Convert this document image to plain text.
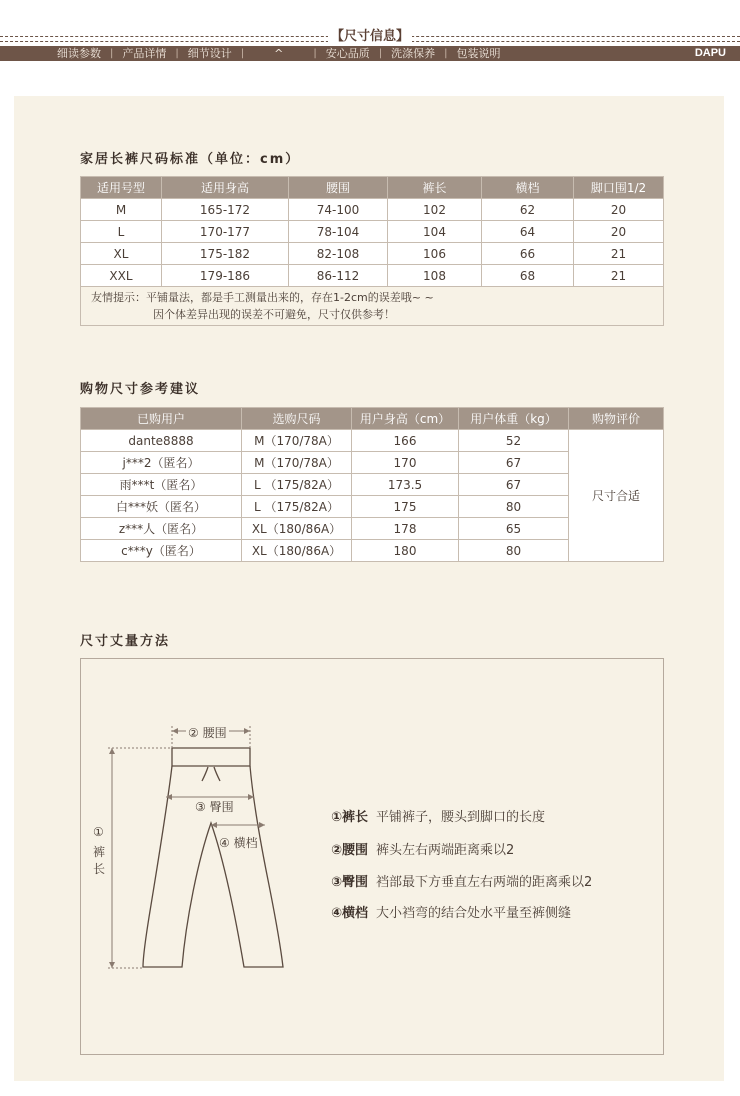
【尺寸信息】
细读参数 | 产品详情 | 细节设计 |	^	| 安心品质 | 洗涤保养 | 包装说明	DAPU
家居长裤尺码标准（单位：cm）
适用号型	适用身高	腰围	裤长	横档	脚口围1/2
M	165-172	74-100	102	62	20
L	170-177	78-104	104	64	20
XL	175-182	82-108	106	66	21
XXL	179-186	86-112	108	68	21

友情提示：平铺量法，都是手工测量出来的，存在1-2cm的误差哦~ ~
因个体差异出现的误差不可避免，尺寸仅供参考！					
购物尺寸参考建议
已购用户	选购尺码	用户身高（cm）	用户体重（kg）	购物评价
dante8888	M（170/78A）	166	52	尺寸合适
j***2（匿名）	M（170/78A）	170	67	
雨***t（匿名）	L （175/82A）	173.5	67	
白***妖（匿名）	L （175/82A）	175	80	
z***人（匿名）	XL（180/86A）	178	65	
c***y（匿名）	XL（180/86A）	180	80	
尺寸丈量方法
② 腰围
③ 臀围
④ 横档
①
裤
长
①裤长 平铺裤子，腰头到脚口的长度
②腰围 裤头左右两端距离乘以2
③臀围 裆部最下方垂直左右两端的距离乘以2
④横档 大小裆弯的结合处水平量至裤侧缝
